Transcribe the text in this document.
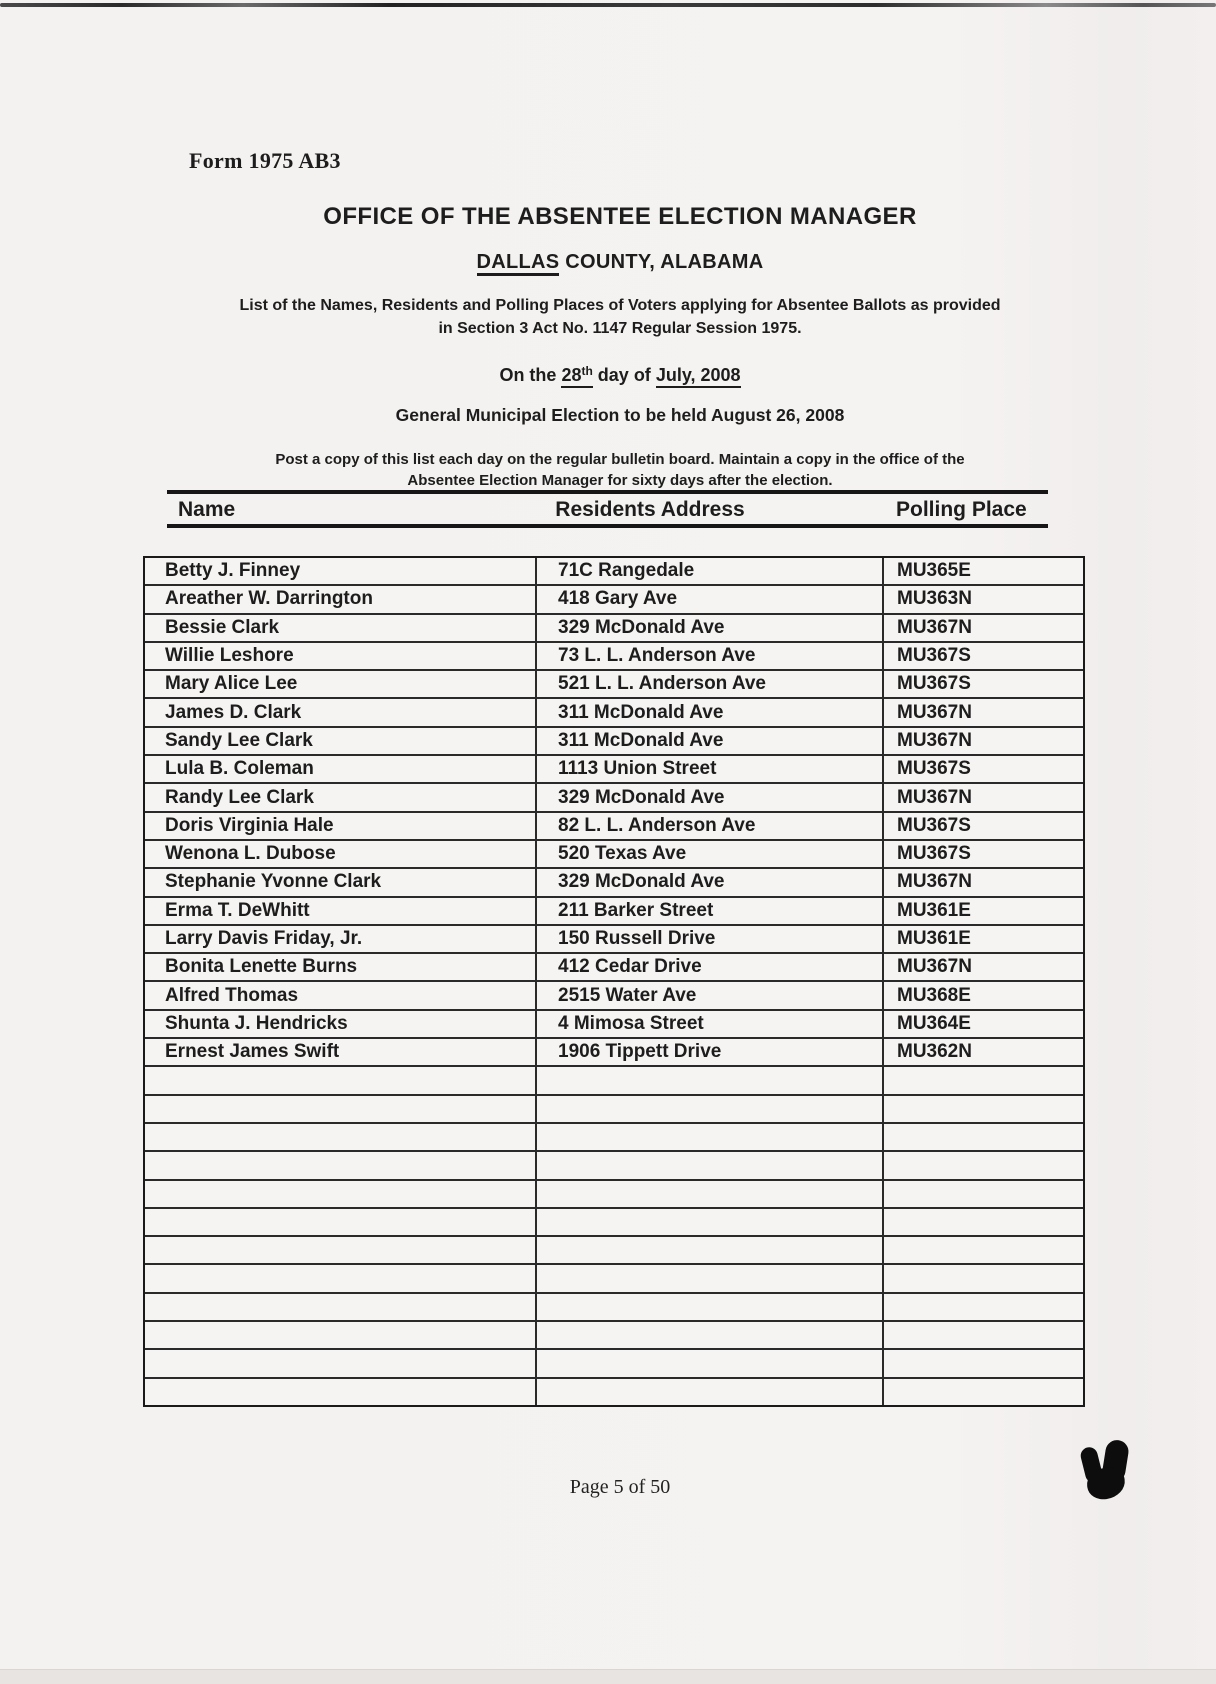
Form 1975 AB3
OFFICE OF THE ABSENTEE ELECTION MANAGER
DALLAS COUNTY, ALABAMA
List of the Names, Residents and Polling Places of Voters applying for Absentee Ballots as provided
in Section 3 Act No. 1147 Regular Session 1975.
On the 28th day of July, 2008
General Municipal Election to be held August 26, 2008
Post a copy of this list each day on the regular bulletin board. Maintain a copy in the office of the
Absentee Election Manager for sixty days after the election.
Name	Residents Address	Polling Place
Betty J. Finney	71C Rangedale	MU365E
Areather W. Darrington	418 Gary Ave	MU363N
Bessie Clark	329 McDonald Ave	MU367N
Willie Leshore	73 L. L. Anderson Ave	MU367S
Mary Alice Lee	521 L. L. Anderson Ave	MU367S
James D. Clark	311 McDonald Ave	MU367N
Sandy Lee Clark	311 McDonald Ave	MU367N
Lula B. Coleman	1113 Union Street	MU367S
Randy Lee Clark	329 McDonald Ave	MU367N
Doris Virginia Hale	82 L. L. Anderson Ave	MU367S
Wenona L. Dubose	520 Texas Ave	MU367S
Stephanie Yvonne Clark	329 McDonald Ave	MU367N
Erma T. DeWhitt	211 Barker Street	MU361E
Larry Davis Friday, Jr.	150 Russell Drive	MU361E
Bonita Lenette Burns	412 Cedar Drive	MU367N
Alfred Thomas	2515 Water Ave	MU368E
Shunta J. Hendricks	4 Mimosa Street	MU364E
Ernest James Swift	1906 Tippett Drive	MU362N
Page 5 of 50
